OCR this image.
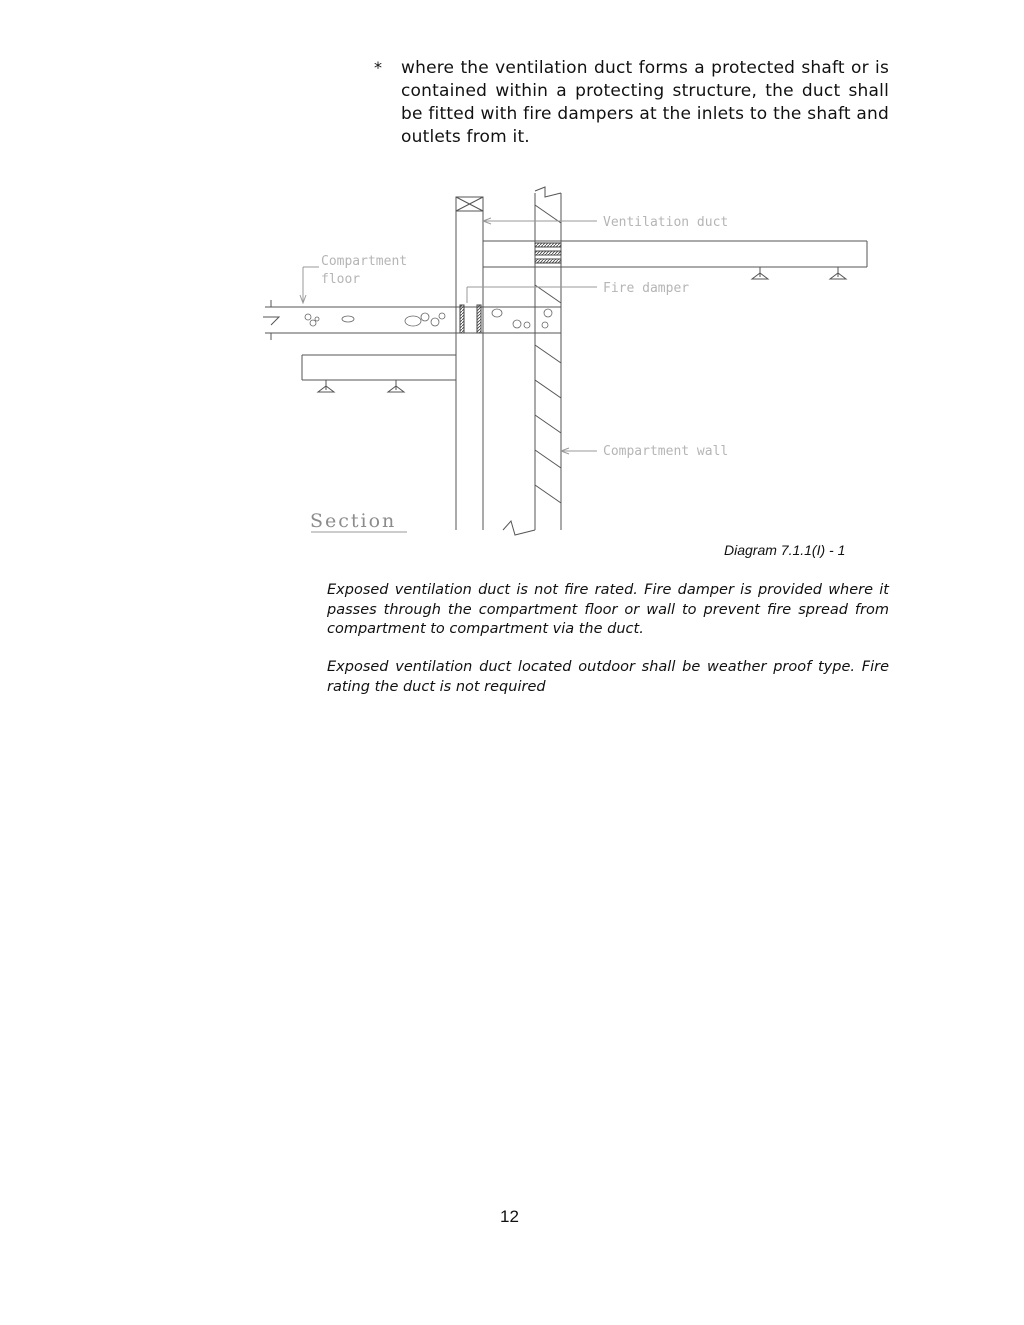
* where the ventilation duct forms a protected shaft or is contained within a protecting structure, the duct shall be fitted with fire dampers at the inlets to the shaft and outlets from it.

Ventilation duct
Compartment
floor
Fire damper
Compartment wall
Section
Diagram 7.1.1(I) - 1

Exposed ventilation duct is not fire rated. Fire damper is provided where it passes through the compartment floor or wall to prevent fire spread from compartment to compartment via the duct.

Exposed ventilation duct located outdoor shall be weather proof type. Fire rating the duct is not required

12
